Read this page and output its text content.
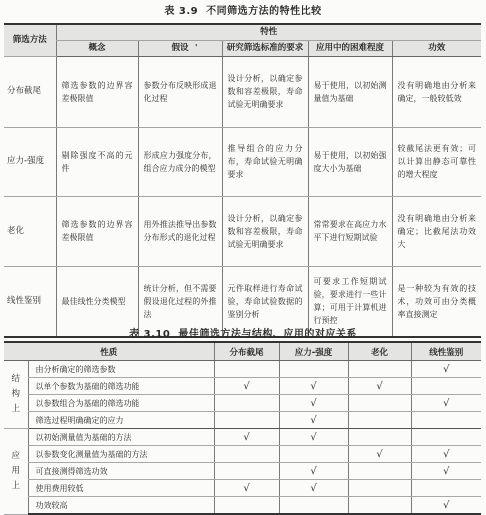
表 3.9 不同筛选方法的特性比较
筛选方法	特性				
	概念	假设 '	研究筛选标准的要求	应用中的困难程度	功效
分布截尾	筛选参数的边界容差极限值	参数分布反映形成退化过程	设计分析，以确定参数和容差极限，寿命试验无明确要求	易于使用，以初始测量值为基础	没有明确地由分析来确定，一般较低效

应力-强度	剔除强度不高的元件	形成应力强度分布，组合应力成分的模型	推导组合的应力分布，寿命试验无明确要求	易于使用，以初始强度大小为基础	较截尾法更有效；可以计算出静态可靠性的增大程度

老化	筛选参数的边界容差极限值	用外推法推导出参数分布形式的退化过程	设计分析，以确定参数和容差极限，寿命试验无明确要求	常常要求在高应力水平下进行短期试验	没有明确地由分析来确定；比截尾法功效大

线性鉴别	最佳线性分类模型	统计分析，但不需要假设退化过程的外推法	元件取样进行寿命试验，寿命试验数据的鉴别分析	可要求工作短期试验，要求进行一些计算；可用于计算机进行预控	是一种较为有效的技术，功效可由分类概率直接测定
表 3.10 最佳筛选方法与结构、应用的对应关系
性质		分布截尾	应力-强度	老化	线性鉴别
结
构
上	由分析确定的筛选参数				√
	以单个参数为基础的筛选功能	√	√	√	
	以参数组合为基础的筛选功能		√		√
	筛选过程明确确定的应力		√		
应
用
上	以初始测量值为基础的方法	√	√		
	以参数变化测量值为基础的方法			√	√
	可直接测得筛选功效		√		√
	使用费用较低	√	√		
	功效较高				√
